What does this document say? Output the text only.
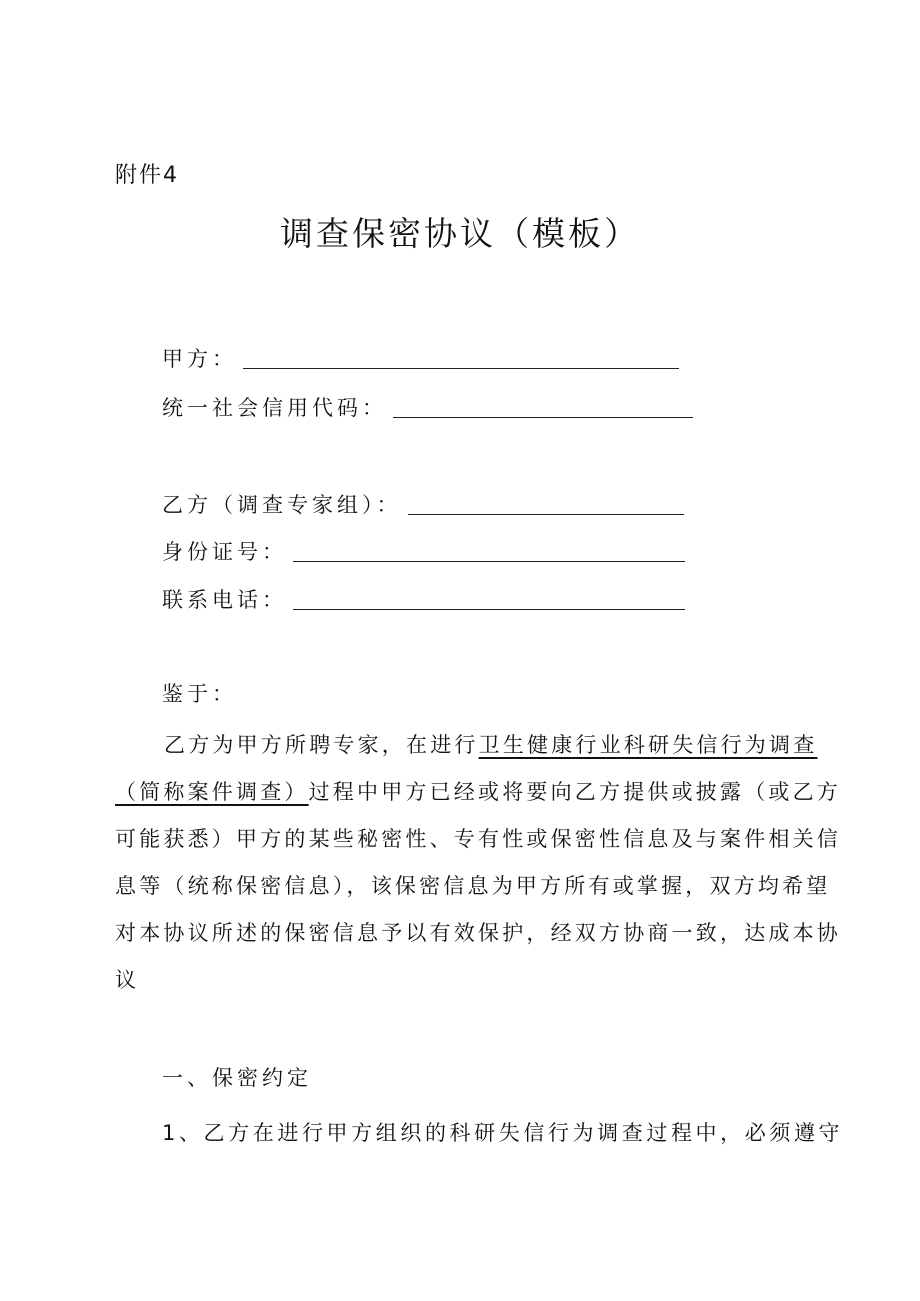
附件4
调查保密协议（模板）
甲方：
统一社会信用代码：
乙方（调查专家组）：
身份证号：
联系电话：
鉴于：
乙方为甲方所聘专家，在进行卫生健康行业科研失信行为调查
（简称案件调查）过程中甲方已经或将要向乙方提供或披露（或乙方
可能获悉）甲方的某些秘密性、专有性或保密性信息及与案件相关信
息等（统称保密信息），该保密信息为甲方所有或掌握，双方均希望
对本协议所述的保密信息予以有效保护，经双方协商一致，达成本协
议
一、保密约定
1、乙方在进行甲方组织的科研失信行为调查过程中，必须遵守
